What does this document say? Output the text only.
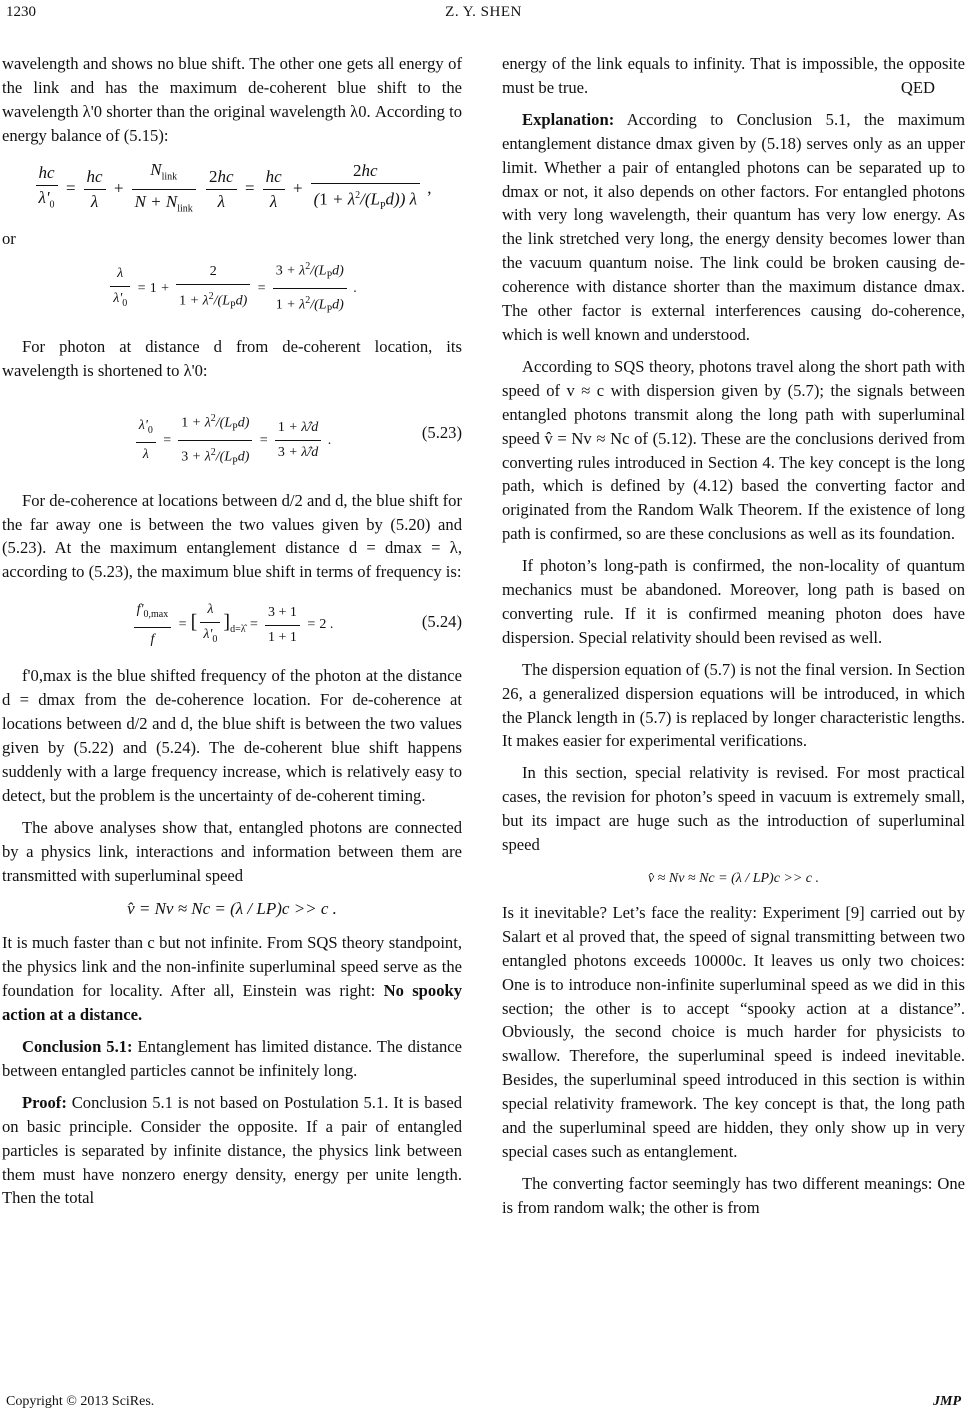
1230	Z. Y. SHEN

wavelength and shows no blue shift. The other one gets all energy of the link and has the maximum de-coherent blue shift to the wavelength λ'0 shorter than the original wavelength λ0. According to energy balance of (5.15):

$\frac{hc}{\lambda'_0} = \frac{hc}{\lambda} + \frac{N_{link}}{N + N_{link}}$
$\frac{2hc}{\lambda} = \frac{hc}{\lambda} + \frac{2hc}{(1 + \lambda^2/(L_Pd)) \lambda}$ ,

or

$\frac{\lambda}{\lambda'_0} = 1 + \frac{2}{1 + \lambda^2/(L_Pd)} = \frac{3 + \lambda^2/(L_Pd)}{1 + \lambda^2/(L_Pd)}$ .

For photon at distance d from de-coherent location, its wavelength is shortened to λ'0:

$\frac{\lambda'_0}{\lambda} = \frac{1 + \lambda^2/(L_Pd)}{3 + \lambda^2/(L_Pd)} = \frac{1 + \lambdâ/d}{3 + \lambdâ/d}$ .	(5.23)

For de-coherence at locations between d/2 and d, the blue shift for the far away one is between the two values given by (5.20) and (5.23). At the maximum entanglement distance d = dmax = λ, according to (5.23), the maximum blue shift in terms of frequency is:

$\frac{f'_{0,max}}{f}$ = [ $\frac{\lambda}{\lambda'_0} ]_{d=\lambdâ} = \frac{3 + 1}{1 + 1} = 2$ .	(5.24)

f'0,max is the blue shifted frequency of the photon at the distance d = dmax from the de-coherence location. For de-coherence at locations between d/2 and d, the blue shift is between the two values given by (5.22) and (5.24). The de-coherent blue shift happens suddenly with a large frequency increase, which is relatively easy to detect, but the problem is the uncertainty of de-coherent timing.

The above analyses show that, entangled photons are connected by a physics link, interactions and information between them are transmitted with superluminal speed

v̂ = Nv ≈ Nc = (λ / LP)c >> c .

It is much faster than c but not infinite. From SQS theory standpoint, the physics link and the non-infinite superluminal speed serve as the foundation for locality. After all, Einstein was right: No spooky action at a distance.

Conclusion 5.1: Entanglement has limited distance. The distance between entangled particles cannot be infinitely long.

Proof: Conclusion 5.1 is not based on Postulation 5.1. It is based on basic principle. Consider the opposite. If a pair of entangled particles is separated by infinite distance, the physics link between them must have nonzero energy density, energy per unite length. Then the total

energy of the link equals to infinity. That is impossible, the opposite must be true.	QED

Explanation: According to Conclusion 5.1, the maximum entanglement distance dmax given by (5.18) serves only as an upper limit. Whether a pair of entangled photons can be separated up to dmax or not, it also depends on other factors. For entangled photons with very long wavelength, their quantum has very low energy. As the link stretched very long, the energy density becomes lower than the vacuum quantum noise. The link could be broken causing de-coherence with distance shorter than the maximum distance dmax. The other factor is external interferences causing do-coherence, which is well known and understood.

According to SQS theory, photons travel along the short path with speed of v ≈ c with dispersion given by (5.7); the signals between entangled photons transmit along the long path with superluminal speed v̂ = Nv ≈ Nc of (5.12). These are the conclusions derived from converting rules introduced in Section 4. The key concept is the long path, which is defined by (4.12) based the converting factor and originated from the Random Walk Theorem. If the existence of long path is confirmed, so are these conclusions as well as its foundation.

If photon’s long-path is confirmed, the non-locality of quantum mechanics must be abandoned. Moreover, long path is based on converting rule. If it is confirmed meaning photon does have dispersion. Special relativity should been revised as well.

The dispersion equation of (5.7) is not the final version. In Section 26, a generalized dispersion equations will be introduced, in which the Planck length in (5.7) is replaced by longer characteristic lengths. It makes easier for experimental verifications.

In this section, special relativity is revised. For most practical cases, the revision for photon’s speed in vacuum is extremely small, but its impact are huge such as the introduction of superluminal speed

v̂ ≈ Nv ≈ Nc = (λ / LP)c >> c .

Is it inevitable? Let’s face the reality: Experiment [9] carried out by Salart et al proved that, the speed of signal transmitting between two entangled photons exceeds 10000c. It leaves us only two choices: One is to introduce non-infinite superluminal speed as we did in this section; the other is to accept “spooky action at a distance”. Obviously, the second choice is much harder for physicists to swallow. Therefore, the superluminal speed is indeed inevitable. Besides, the superluminal speed introduced in this section is within special relativity framework. The key concept is that, the long path and the superluminal speed are hidden, they only show up in very special cases such as entanglement.

The converting factor seemingly has two different meanings: One is from random walk; the other is from

Copyright © 2013 SciRes.	JMP
